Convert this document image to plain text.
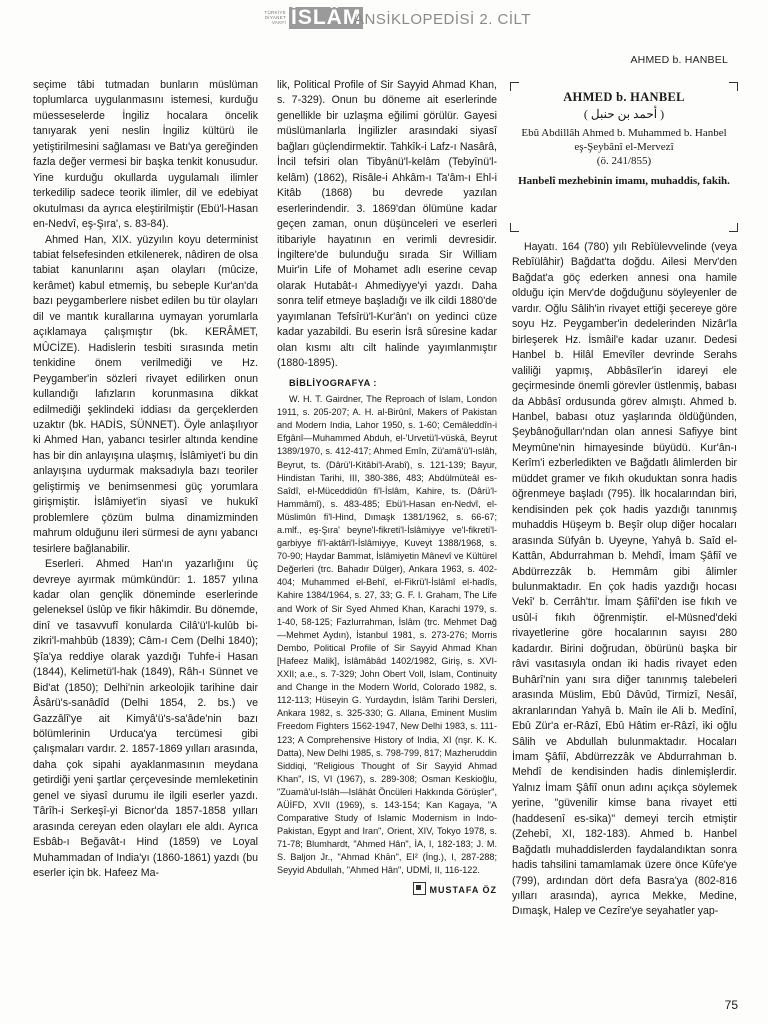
TÜRKİYE
DİYANET
VAKFI İSLÂM
ANSİKLOPEDİSİ 2. CİLT
AHMED b. HANBEL

seçime tâbi tutmadan bunların müslüman toplumlarca uygulanmasını istemesi, kurduğu müesseselerde İngiliz hocalara öncelik tanıyarak yeni neslin İngiliz kültürü ile yetiştirilmesini sağlaması ve Batı'ya gereğinden fazla değer vermesi bir başka tenkit konusudur. Yine kurduğu okullarda uygulamalı ilimler terkedilip sadece teorik ilimler, dil ve edebiyat okutulması da ayrıca eleştirilmiştir (Ebü'l-Hasan en-Nedvî, eş-Şıra', s. 83-84).

Ahmed Han, XIX. yüzyılın koyu determinist tabiat felsefesinden etkilenerek, nâdiren de olsa tabiat kanunlarını aşan olayları (mûcize, kerâmet) kabul etmemiş, bu sebeple Kur'an'da bazı peygamberlere nisbet edilen bu tür olayları dil ve mantık kurallarına uymayan yorumlarla açıklamaya çalışmıştır (bk. KERÂMET, MÛCİZE). Hadislerin tesbiti sırasında metin tenkidine önem verilmediği ve Hz. Peygamber'in sözleri rivayet edilirken onun kullandığı lafızların korunmasına dikkat edilmediği şeklindeki iddiası da gerçeklerden uzaktır (bk. HADİS, SÜNNET). Öyle anlaşılıyor ki Ahmed Han, yabancı tesirler altında kendine has bir din anlayışına ulaşmış, İslâmiyet'i bu din anlayışına uydurmak maksadıyla bazı teoriler geliştirmiş ve benimsenmesi güç yorumlara girişmiştir. İslâmiyet'in siyasî ve hukukî problemlere çözüm bulma dinamizminden mahrum olduğunu ileri sürmesi de aynı yabancı tesirlere bağlanabilir.

Eserleri. Ahmed Han'ın yazarlığını üç devreye ayırmak mümkündür: 1. 1857 yılına kadar olan gençlik döneminde eserlerinde geleneksel üslûp ve fikir hâkimdir. Bu dönemde, dinî ve tasavvufî konularda Cilâ'ü'l-kulûb bi-zikri'l-mahbûb (1839); Câm-ı Cem (Delhi 1840); Şîa'ya reddiye olarak yazdığı Tuhfe-i Hasan (1844), Kelimetü'l-hak (1849), Râh-ı Sünnet ve Bid'at (1850); Delhi'nin arkeolojik tarihine dair Âsârü's-sanâdîd (Delhi 1854, 2. bs.) ve Gazzâlî'ye ait Kimyâ'ü's-sa'âde'nin bazı bölümlerinin Urduca'ya tercümesi gibi çalışmaları vardır. 2. 1857-1869 yılları arasında, daha çok sipahi ayaklanmasının meydana getirdiği yeni şartlar çerçevesinde memleketinin genel ve siyasî durumu ile ilgili eserler yazdı. Târîh-i Serkeşî-yi Bicnor'da 1857-1858 yılları arasında cereyan eden olayları ele aldı. Ayrıca Esbâb-ı Beğavât-ı Hind (1859) ve Loyal Muhammadan of India'yı (1860-1861) yazdı (bu eserler için bk. Hafeez Ma-

lik, Political Profile of Sir Sayyid Ahmad Khan, s. 7-329). Onun bu döneme ait eserlerinde genellikle bir uzlaşma eğilimi görülür. Gayesi müslümanlarla İngilizler arasındaki siyasî bağları güçlendirmektir. Tahkîk-i Lafz-ı Nasârâ, İncil tefsiri olan Tibyânü'l-kelâm (Tebyînü'l-kelâm) (1862), Risâle-i Ahkâm-ı Ta'âm-ı Ehl-i Kitâb (1868) bu devrede yazılan eserlerindendir. 3. 1869'dan ölümüne kadar geçen zaman, onun düşünceleri ve eserleri itibariyle hayatının en verimli devresidir. İngiltere'de bulunduğu sırada Sir William Muir'in Life of Mohamet adlı eserine cevap olarak Hutabât-ı Ahmediyye'yi yazdı. Daha sonra telif etmeye başladığı ve ilk cildi 1880'de yayımlanan Tefsîrü'l-Kur'ân'ı on yedinci cüze kadar yazabildi. Bu eserin İsrâ sûresine kadar olan kısmı altı cilt halinde yayımlanmıştır (1880-1895).

BİBLİYOGRAFYA :

W. H. T. Gairdner, The Reproach of Islam, London 1911, s. 205-207; A. H. al-Birûnî, Makers of Pakistan and Modern India, Lahor 1950, s. 1-60; Cemâleddîn-i Efgânî—Muhammed Abduh, el-'Urvetü'l-vüskā, Beyrut 1389/1970, s. 412-417; Ahmed Emîn, Zü'amâ'ü'l-ıslâh, Beyrut, ts. (Dârü'l-Kitâbi'l-Arabî), s. 121-139; Bayur, Hindistan Tarihi, III, 380-386, 483; Abdülmüteâl es-Saîdî, el-Müceddidûn fi'l-İslâm, Kahire, ts. (Dârü'l-Hammâmî), s. 483-485; Ebü'l-Hasan en-Nedvî, el-Müslimûn fi'l-Hind, Dımaşk 1381/1962, s. 66-67; a.mlf., eş-Şıra' beyne'l-fikreti'l-İslâmiyye ve'l-fikreti'l-garbiyye fi'l-aktâri'l-İslâmiyye, Kuveyt 1388/1968, s. 70-90; Haydar Bammat, İslâmiyetin Mânevî ve Kültürel Değerleri (trc. Bahadır Dülger), Ankara 1963, s. 402-404; Muhammed el-Behî, el-Fikrü'l-İslâmî el-hadîs, Kahire 1384/1964, s. 27, 33; G. F. I. Graham, The Life and Work of Sir Syed Ahmed Khan, Karachi 1979, s. 1-40, 58-125; Fazlurrahman, İslâm (trc. Mehmet Dağ—Mehmet Aydın), İstanbul 1981, s. 273-276; Morris Dembo, Political Profile of Sir Sayyid Ahmad Khan [Hafeez Malik], İslâmâbâd 1402/1982, Giriş, s. XVI-XXII; a.e., s. 7-329; John Obert Voll, Islam, Continuity and Change in the Modern World, Colorado 1982, s. 112-113; Hüseyin G. Yurdaydın, İslâm Tarihi Dersleri, Ankara 1982, s. 325-330; G. Allana, Eminent Muslim Freedom Fighters 1562-1947, New Delhi 1983, s. 111-123; A Comprehensive History of India, XI (nşr. K. K. Datta), New Delhi 1985, s. 798-799, 817; Mazheruddin Siddiqi, "Religious Thought of Sir Sayyid Ahmad Khan", IS, VI (1967), s. 289-308; Osman Keskioğlu, "Zuamâ'ul-Islâh—Islâhât Öncüleri Hakkında Görüşler", AÜİFD, XVII (1969), s. 143-154; Kan Kagaya, "A Comparative Study of Islamic Modernism in Indo-Pakistan, Egypt and Iran", Orient, XIV, Tokyo 1978, s. 71-78; Blumhardt, "Ahmed Hân", İA, I, 182-183; J. M. S. Baljon Jr., "Ahmad Khān", EI² (İng.), I, 287-288; Seyyid Abdullah, "Ahmed Hân", UDMİ, II, 116-122.

MUSTAFA ÖZ
AHMED b. HANBEL
( أحمد بن حنبل )
Ebû Abdillâh Ahmed b. Muhammed b. Hanbel eş-Şeybânî el-Mervezî
(ö. 241/855)
Hanbelî mezhebinin imamı, muhaddis, fakih.

Hayatı. 164 (780) yılı Rebîülevvelinde (veya Rebîülâhir) Bağdat'ta doğdu. Ailesi Merv'den Bağdat'a göç ederken annesi ona hamile olduğu için Merv'de doğduğunu söyleyenler de vardır. Oğlu Sâlih'in rivayet ettiği şecereye göre soyu Hz. Peygamber'in dedelerinden Nizâr'la birleşerek Hz. İsmâil'e kadar uzanır. Dedesi Hanbel b. Hilâl Emevîler devrinde Serahs valiliği yapmış, Abbâsîler'in idareyi ele geçirmesinde önemli görevler üstlenmiş, babası da Abbâsî ordusunda görev almıştı. Ahmed b. Hanbel, babası otuz yaşlarında öldüğünden, Şeybânoğulları'ndan olan annesi Safiyye bint Meymûne'nin himayesinde büyüdü. Kur'ân-ı Kerîm'i ezberledikten ve Bağdatlı âlimlerden bir müddet gramer ve fıkıh okuduktan sonra hadis öğrenmeye başladı (795). İlk hocalarından biri, kendisinden pek çok hadis yazdığı tanınmış muhaddis Hüşeym b. Beşîr olup diğer hocaları arasında Süfyân b. Uyeyne, Yahyâ b. Saîd el-Kattân, Abdurrahman b. Mehdî, İmam Şâfiî ve Abdürrezzâk b. Hemmâm gibi âlimler bulunmaktadır. En çok hadis yazdığı hocası Vekî' b. Cerrâh'tır. İmam Şâfiî'den ise fıkıh ve usûl-i fıkıh öğrenmiştir. el-Müsned'deki rivayetlerine göre hocalarının sayısı 280 kadardır. Birini doğrudan, öbürünü başka bir râvi vasıtasıyla ondan iki hadis rivayet eden Buhârî'nin yanı sıra diğer tanınmış talebeleri arasında Müslim, Ebû Dâvûd, Tirmizî, Nesâî, akranlarından Yahyâ b. Maîn ile Ali b. Medînî, Ebû Zür'a er-Râzî, Ebû Hâtim er-Râzî, iki oğlu Sâlih ve Abdullah bulunmaktadır. Hocaları İmam Şâfiî, Abdürrezzâk ve Abdurrahman b. Mehdî de kendisinden hadis dinlemişlerdir. Yalnız İmam Şâfiî onun adını açıkça söylemek yerine, "güvenilir kimse bana rivayet etti (haddesenî es-sika)" demeyi tercih etmiştir (Zehebî, XI, 182-183). Ahmed b. Hanbel Bağdatlı muhaddislerden faydalandıktan sonra hadis tahsilini tamamlamak üzere önce Kûfe'ye (799), ardından dört defa Basra'ya (802-816 yılları arasında), ayrıca Mekke, Medine, Dımaşk, Halep ve Cezîre'ye seyahatler yap-

75
